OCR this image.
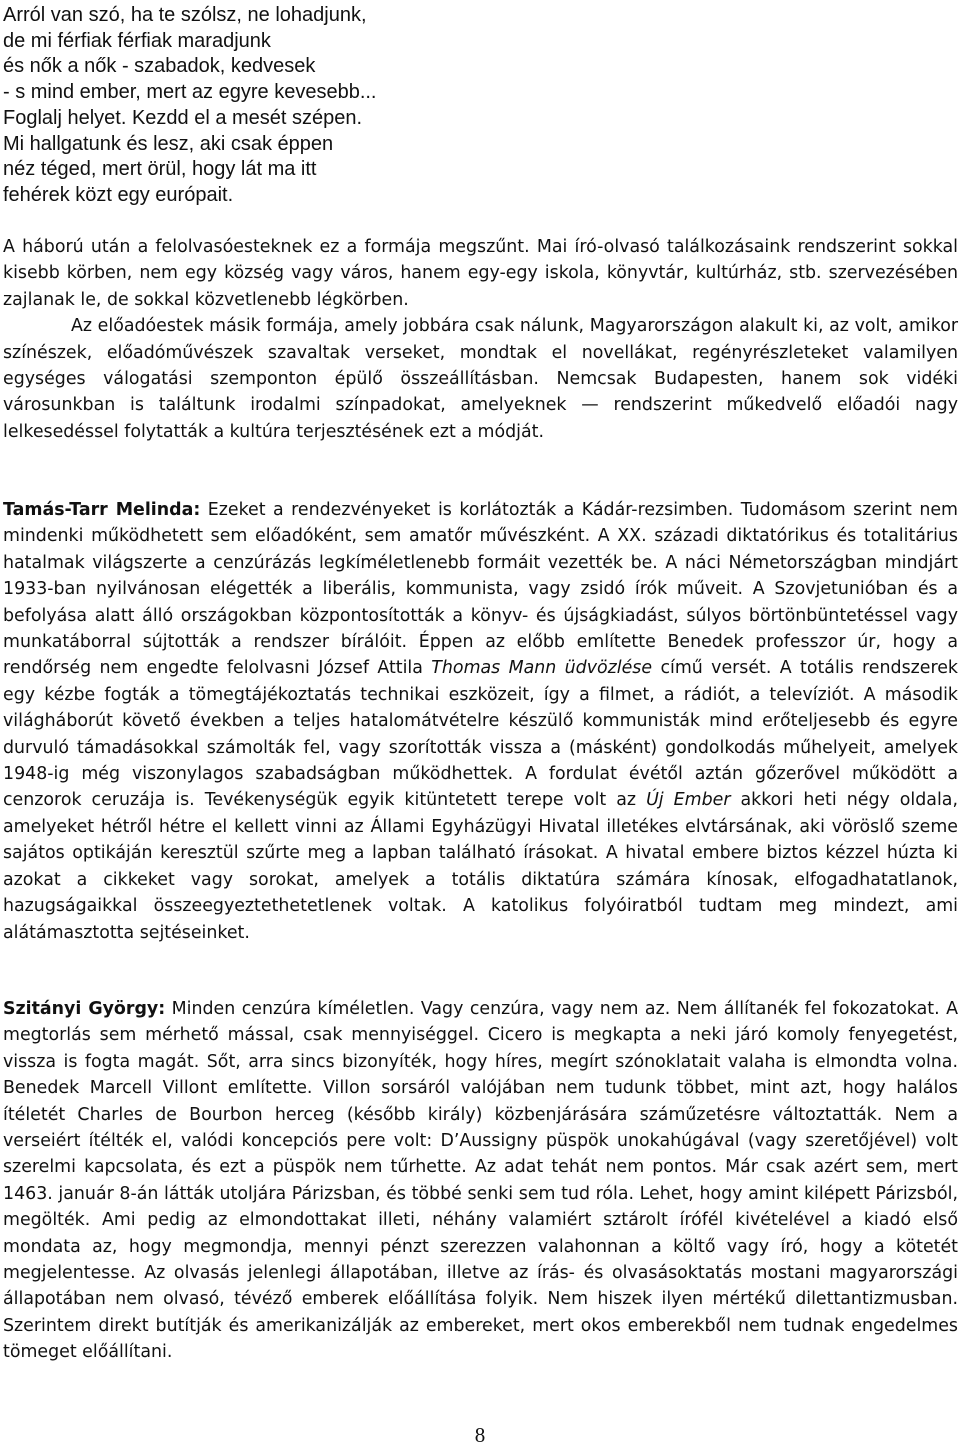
Arról van szó, ha te szólsz, ne lohadjunk,
de mi férfiak férfiak maradjunk
és nők a nők - szabadok, kedvesek
- s mind ember, mert az egyre kevesebb...
Foglalj helyet. Kezdd el a mesét szépen.
Mi hallgatunk és lesz, aki csak éppen
néz téged, mert örül, hogy lát ma itt
fehérek közt egy európait.

A háború után a felolvasóesteknek ez a formája megszűnt. Mai író-olvasó találkozásaink rendszerint sokkal kisebb körben, nem egy község vagy város, hanem egy-egy iskola, könyvtár, kultúrház, stb. szervezésében zajlanak le, de sokkal közvetlenebb légkörben.

Az előadóestek másik formája, amely jobbára csak nálunk, Magyarországon alakult ki, az volt, amikor színészek, előadóművészek szavaltak verseket, mondtak el novellákat, regényrészleteket valamilyen egységes válogatási szemponton épülő összeállításban. Nemcsak Budapesten, hanem sok vidéki városunkban is találtunk irodalmi színpadokat, amelyeknek — rendszerint műkedvelő előadói nagy lelkesedéssel folytatták a kultúra terjesztésének ezt a módját.

Tamás-Tarr Melinda: Ezeket a rendezvényeket is korlátozták a Kádár-rezsimben. Tudomásom szerint nem mindenki működhetett sem előadóként, sem amatőr művészként. A XX. századi diktatórikus és totalitárius hatalmak világszerte a cenzúrázás legkíméletlenebb formáit vezették be. A náci Németországban mindjárt 1933-ban nyilvánosan elégették a liberális, kommunista, vagy zsidó írók műveit. A Szovjetunióban és a befolyása alatt álló országokban központosították a könyv- és újságkiadást, súlyos börtönbüntetéssel vagy munkatáborral sújtották a rendszer bírálóit. Éppen az előbb említette Benedek professzor úr, hogy a rendőrség nem engedte felolvasni József Attila Thomas Mann üdvözlése című versét. A totális rendszerek egy kézbe fogták a tömegtájékoztatás technikai eszközeit, így a filmet, a rádiót, a televíziót. A második világháborút követő években a teljes hatalomátvételre készülő kommunisták mind erőteljesebb és egyre durvuló támadásokkal számolták fel, vagy szorították vissza a (másként) gondolkodás műhelyeit, amelyek 1948-ig még viszonylagos szabadságban működhettek. A fordulat évétől aztán gőzerővel működött a cenzorok ceruzája is. Tevékenységük egyik kitüntetett terepe volt az Új Ember akkori heti négy oldala, amelyeket hétről hétre el kellett vinni az Állami Egyházügyi Hivatal illetékes elvtársának, aki vöröslő szeme sajátos optikáján keresztül szűrte meg a lapban található írásokat. A hivatal embere biztos kézzel húzta ki azokat a cikkeket vagy sorokat, amelyek a totális diktatúra számára kínosak, elfogadhatatlanok, hazugságaikkal összeegyeztethetetlenek voltak. A katolikus folyóiratból tudtam meg mindezt, ami alátámasztotta sejtéseinket.

Szitányi György: Minden cenzúra kíméletlen. Vagy cenzúra, vagy nem az. Nem állítanék fel fokozatokat. A megtorlás sem mérhető mással, csak mennyiséggel. Cicero is megkapta a neki járó komoly fenyegetést, vissza is fogta magát. Sőt, arra sincs bizonyíték, hogy híres, megírt szónoklatait valaha is elmondta volna. Benedek Marcell Villont említette. Villon sorsáról valójában nem tudunk többet, mint azt, hogy halálos ítéletét Charles de Bourbon herceg (később király) közbenjárására száműzetésre változtatták. Nem a verseiért ítélték el, valódi koncepciós pere volt: D’Aussigny püspök unokahúgával (vagy szeretőjével) volt szerelmi kapcsolata, és ezt a püspök nem tűrhette. Az adat tehát nem pontos. Már csak azért sem, mert 1463. január 8-án látták utoljára Párizsban, és többé senki sem tud róla. Lehet, hogy amint kilépett Párizsból, megölték. Ami pedig az elmondottakat illeti, néhány valamiért sztárolt írófél kivételével a kiadó első mondata az, hogy megmondja, mennyi pénzt szerezzen valahonnan a költő vagy író, hogy a kötetét megjelentesse. Az olvasás jelenlegi állapotában, illetve az írás- és olvasásoktatás mostani magyarországi állapotában nem olvasó, tévéző emberek előállítása folyik. Nem hiszek ilyen mértékű dilettantizmusban. Szerintem direkt butítják és amerikanizálják az embereket, mert okos emberekből nem tudnak engedelmes tömeget előállítani.

8
